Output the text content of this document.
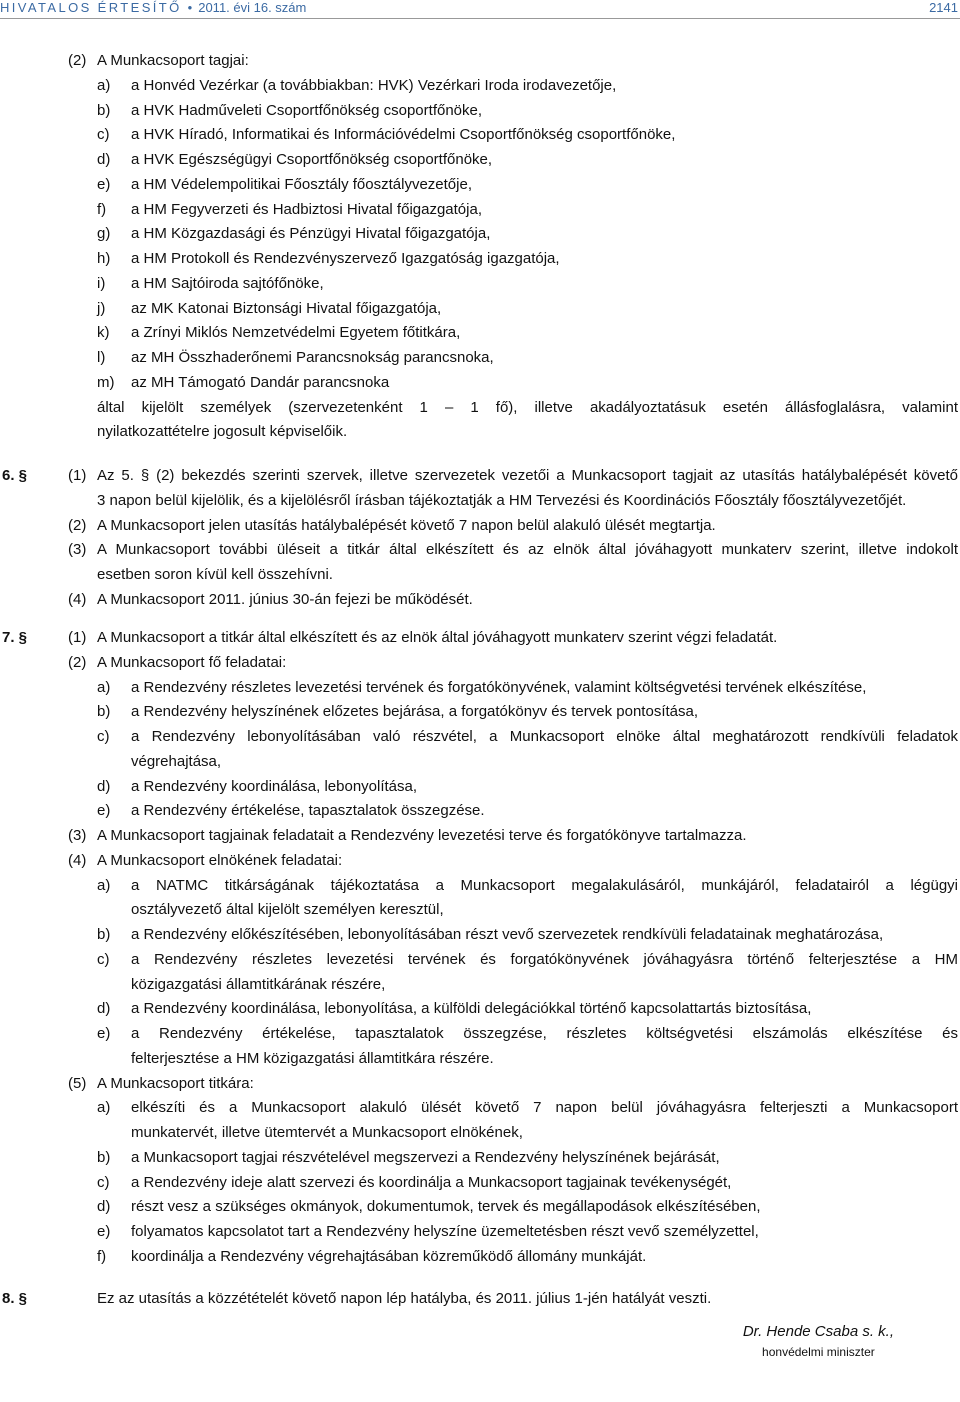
HIVATALOS ÉRTESÍTŐ • 2011. évi 16. szám	2141
(2) A Munkacsoport tagjai:
a) a Honvéd Vezérkar (a továbbiakban: HVK) Vezérkari Iroda irodavezetője,
b) a HVK Hadműveleti Csoportfőnökség csoportfőnöke,
c) a HVK Híradó, Informatikai és Információvédelmi Csoportfőnökség csoportfőnöke,
d) a HVK Egészségügyi Csoportfőnökség csoportfőnöke,
e) a HM Védelempolitikai Főosztály főosztályvezetője,
f) a HM Fegyverzeti és Hadbiztosi Hivatal főigazgatója,
g) a HM Közgazdasági és Pénzügyi Hivatal főigazgatója,
h) a HM Protokoll és Rendezvényszervező Igazgatóság igazgatója,
i) a HM Sajtóiroda sajtófőnöke,
j) az MK Katonai Biztonsági Hivatal főigazgatója,
k) a Zrínyi Miklós Nemzetvédelmi Egyetem főtitkára,
l) az MH Összhaderőnemi Parancsnokság parancsnoka,
m) az MH Támogató Dandár parancsnoka
által kijelölt személyek (szervezetenként 1 – 1 fő), illetve akadályoztatásuk esetén állásfoglalásra, valamint
nyilatkozattételre jogosult képviselőik.
6. §	(1) Az 5. § (2) bekezdés szerinti szervek, illetve szervezetek vezetői a Munkacsoport tagjait az utasítás hatálybalépését követő
3 napon belül kijelölik, és a kijelölésről írásban tájékoztatják a HM Tervezési és Koordinációs Főosztály főosztályvezetőjét.
(2) A Munkacsoport jelen utasítás hatálybalépését követő 7 napon belül alakuló ülését megtartja.
(3) A Munkacsoport további üléseit a titkár által elkészített és az elnök által jóváhagyott munkaterv szerint, illetve indokolt
esetben soron kívül kell összehívni.
(4) A Munkacsoport 2011. június 30-án fejezi be működését.
7. §	(1) A Munkacsoport a titkár által elkészített és az elnök által jóváhagyott munkaterv szerint végzi feladatát.
(2) A Munkacsoport fő feladatai:
a) a Rendezvény részletes levezetési tervének és forgatókönyvének, valamint költségvetési tervének elkészítése,
b) a Rendezvény helyszínének előzetes bejárása, a forgatókönyv és tervek pontosítása,
c) a Rendezvény lebonyolításában való részvétel, a Munkacsoport elnöke által meghatározott rendkívüli feladatok
végrehajtása,
d) a Rendezvény koordinálása, lebonyolítása,
e) a Rendezvény értékelése, tapasztalatok összegzése.
(3) A Munkacsoport tagjainak feladatait a Rendezvény levezetési terve és forgatókönyve tartalmazza.
(4) A Munkacsoport elnökének feladatai:
a) a NATMC titkárságának tájékoztatása a Munkacsoport megalakulásáról, munkájáról, feladatairól a légügyi
osztályvezető által kijelölt személyen keresztül,
b) a Rendezvény előkészítésében, lebonyolításában részt vevő szervezetek rendkívüli feladatainak meghatározása,
c) a Rendezvény részletes levezetési tervének és forgatókönyvének jóváhagyásra történő felterjesztése a HM
közigazgatási államtitkárának részére,
d) a Rendezvény koordinálása, lebonyolítása, a külföldi delegációkkal történő kapcsolattartás biztosítása,
e) a Rendezvény értékelése, tapasztalatok összegzése, részletes költségvetési elszámolás elkészítése és
felterjesztése a HM közigazgatási államtitkára részére.
(5) A Munkacsoport titkára:
a) elkészíti és a Munkacsoport alakuló ülését követő 7 napon belül jóváhagyásra felterjeszti a Munkacsoport
munkatervét, illetve ütemtervét a Munkacsoport elnökének,
b) a Munkacsoport tagjai részvételével megszervezi a Rendezvény helyszínének bejárását,
c) a Rendezvény ideje alatt szervezi és koordinálja a Munkacsoport tagjainak tevékenységét,
d) részt vesz a szükséges okmányok, dokumentumok, tervek és megállapodások elkészítésében,
e) folyamatos kapcsolatot tart a Rendezvény helyszíne üzemeltetésben részt vevő személyzettel,
f) koordinálja a Rendezvény végrehajtásában közreműködő állomány munkáját.
8. §	Ez az utasítás a közzétételét követő napon lép hatályba, és 2011. július 1-jén hatályát veszti.
Dr. Hende Csaba s. k.,
honvédelmi miniszter
